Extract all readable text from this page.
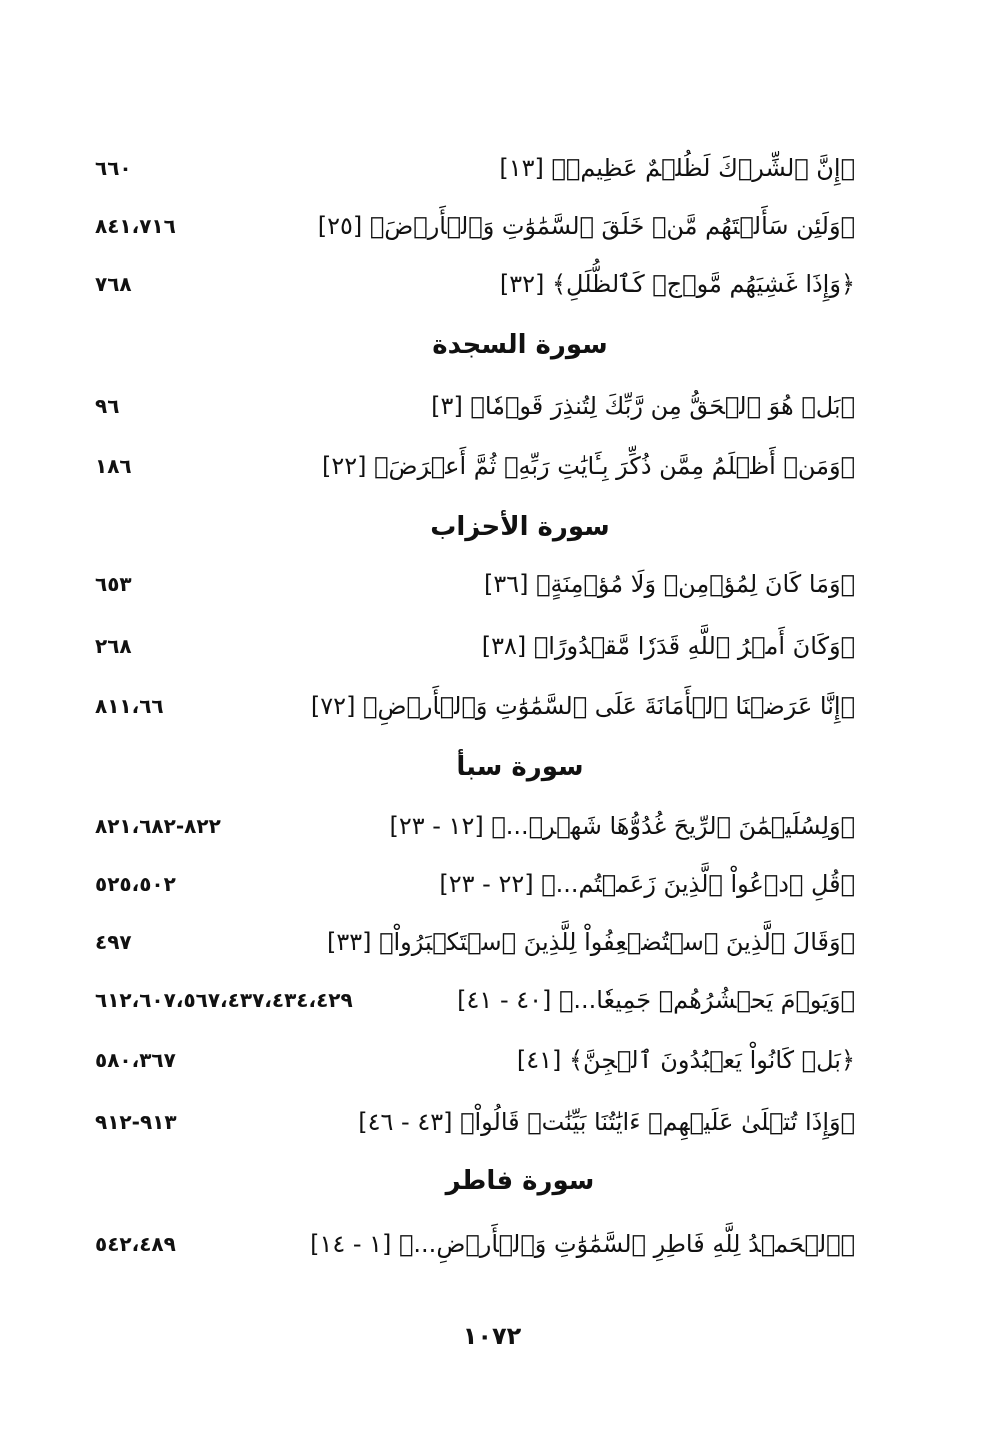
﴿إِنَّ ٱلشِّرۡكَ لَظُلۡمٌ عَظِيمٞ﴾ [١٣]
٦٦٠
﴿وَلَئِن سَأَلۡتَهُم مَّنۡ خَلَقَ ٱلسَّمَٰوَٰتِ وَٱلۡأَرۡضَ﴾ [٢٥]
٨٤١،٧١٦
﴿وَإِذَا غَشِيَهُم مَّوۡجٞ كَٱلظُّلَلِ﴾ [٣٢]
٧٦٨
سورة السجدة
﴿بَلۡ هُوَ ٱلۡحَقُّ مِن رَّبِّكَ لِتُنذِرَ قَوۡمٗا﴾ [٣]
٩٦
﴿وَمَنۡ أَظۡلَمُ مِمَّن ذُكِّرَ بِـَٔايَٰتِ رَبِّهِۦ ثُمَّ أَعۡرَضَ﴾ [٢٢]
١٨٦
سورة الأحزاب
﴿وَمَا كَانَ لِمُؤۡمِنٖ وَلَا مُؤۡمِنَةٍ﴾ [٣٦]
٦٥٣
﴿وَكَانَ أَمۡرُ ٱللَّهِ قَدَرٗا مَّقۡدُورًا﴾ [٣٨]
٢٦٨
﴿إِنَّا عَرَضۡنَا ٱلۡأَمَانَةَ عَلَى ٱلسَّمَٰوَٰتِ وَٱلۡأَرۡضِ﴾ [٧٢]
٨١١،٦٦
سورة سبأ
﴿وَلِسُلَيۡمَٰنَ ٱلرِّيحَ غُدُوُّهَا شَهۡرٞ...﴾ [١٢ - ٢٣]
٨٢٢-٨٢١،٦٨٢
﴿قُلِ ٱدۡعُواْ ٱلَّذِينَ زَعَمۡتُم...﴾ [٢٢ - ٢٣]
٥٢٥،٥٠٢
﴿وَقَالَ ٱلَّذِينَ ٱسۡتُضۡعِفُواْ لِلَّذِينَ ٱسۡتَكۡبَرُواْ﴾ [٣٣]
٤٩٧
﴿وَيَوۡمَ يَحۡشُرُهُمۡ جَمِيعٗا...﴾ [٤٠ - ٤١]
٦١٢،٦٠٧،٥٦٧،٤٣٧،٤٣٤،٤٢٩
﴿بَلۡ كَانُواْ يَعۡبُدُونَ ٱلۡجِنَّ﴾ [٤١]
٥٨٠،٣٦٧
﴿وَإِذَا تُتۡلَىٰ عَلَيۡهِمۡ ءَايَٰتُنَا بَيِّنَٰتٖ قَالُواْ﴾ [٤٣ - ٤٦]
٩١٣-٩١٢
سورة فاطر
﴿ٱلۡحَمۡدُ لِلَّهِ فَاطِرِ ٱلسَّمَٰوَٰتِ وَٱلۡأَرۡضِ...﴾ [١ - ١٤]
٥٤٢،٤٨٩
١٠٧٢
